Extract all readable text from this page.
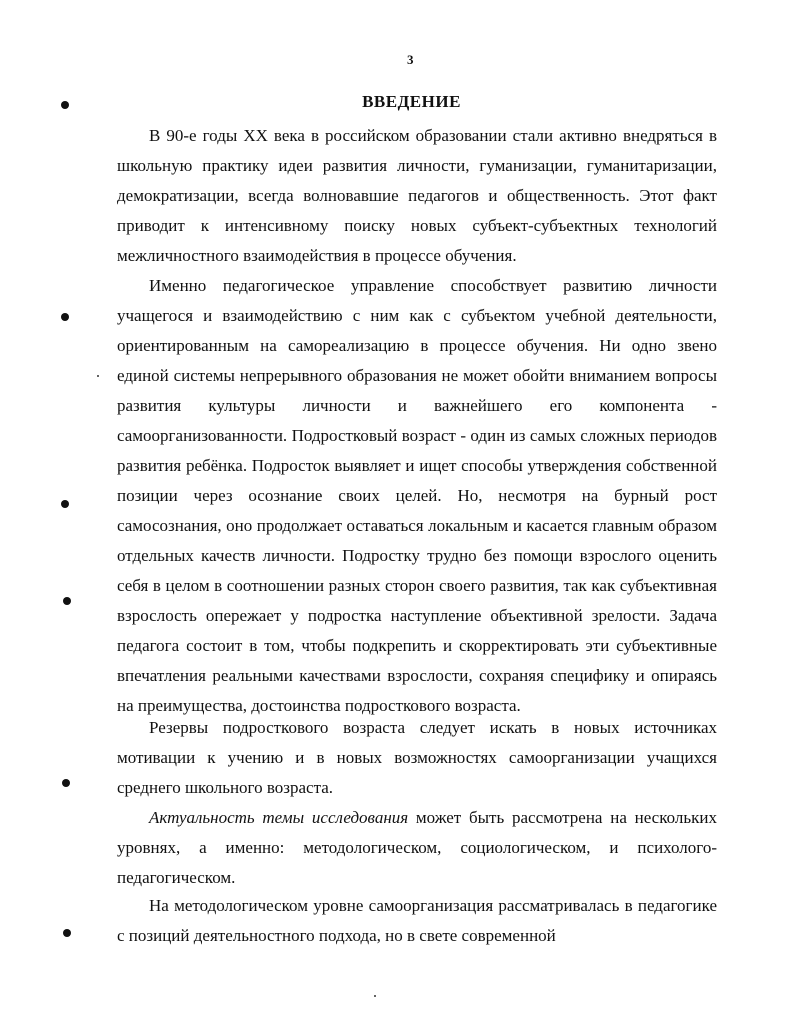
3
ВВЕДЕНИЕ

В 90-е годы XX века в российском образовании стали активно внедряться в школьную практику идеи развития личности, гуманизации, гуманитаризации, демократизации, всегда волновавшие педагогов и общественность. Этот факт приводит к интенсивному поиску новых субъект-субъектных технологий межличностного взаимодействия в процессе обучения.

Именно педагогическое управление способствует развитию личности учащегося и взаимодействию с ним как с субъектом учебной деятельности, ориентированным на самореализацию в процессе обучения. Ни одно звено единой системы непрерывного образования не может обойти вниманием вопросы развития культуры личности и важнейшего его компонента - самоорганизованности. Подростковый возраст - один из самых сложных периодов развития ребёнка. Подросток выявляет и ищет способы утверждения собственной позиции через осознание своих целей. Но, несмотря на бурный рост самосознания, оно продолжает оставаться локальным и касается главным образом отдельных качеств личности. Подростку трудно без помощи взрослого оценить себя в целом в соотношении разных сторон своего развития, так как субъективная взрослость опережает у подростка наступление объективной зрелости. Задача педагога состоит в том, чтобы подкрепить и скорректировать эти субъективные впечатления реальными качествами взрослости, сохраняя специфику и опираясь на преимущества, достоинства подросткового возраста.

Резервы подросткового возраста следует искать в новых источниках мотивации к учению и в новых возможностях самоорганизации учащихся среднего школьного возраста.

Актуальность темы исследования может быть рассмотрена на нескольких уровнях, а именно: методологическом, социологическом, и психолого-педагогическом.

На методологическом уровне самоорганизация рассматривалась в педагогике с позиций деятельностного подхода, но в свете современной
